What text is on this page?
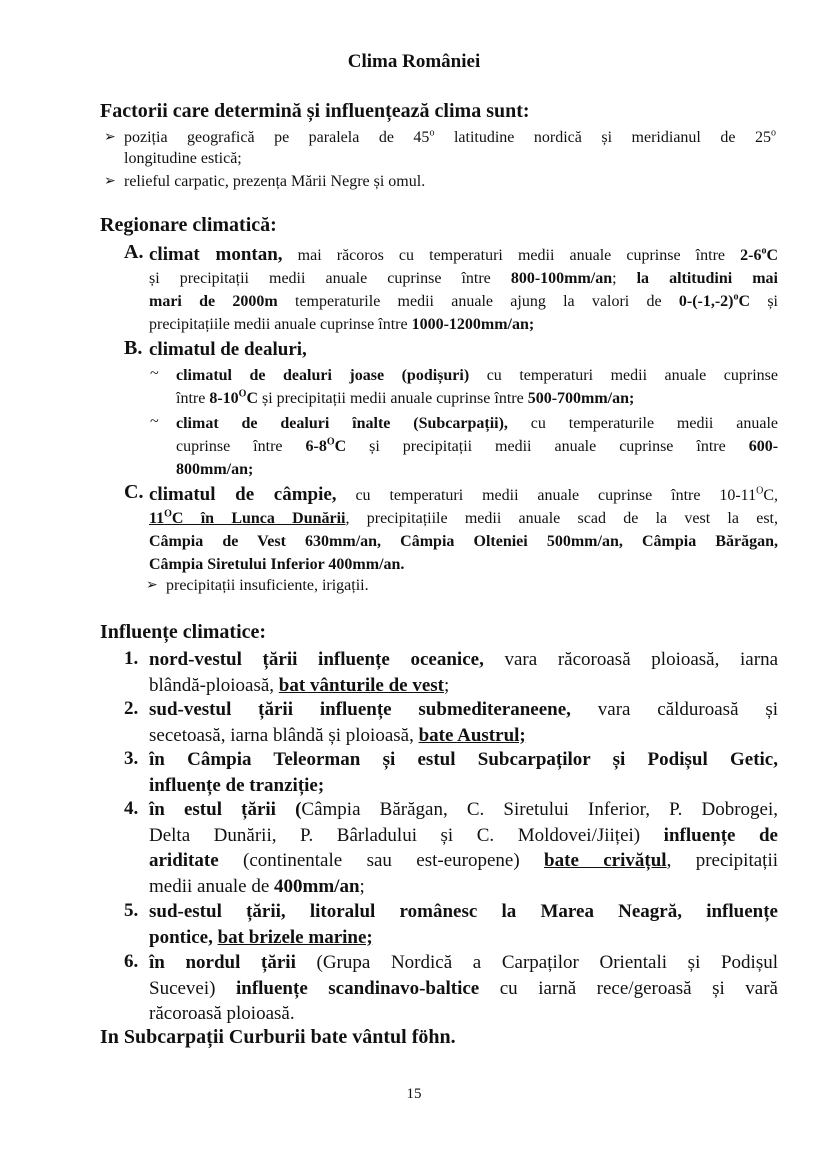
Clima României
Factorii care determină și influențează clima sunt:
➢ poziția geografică pe paralela de 45$^o$ latitudine nordică și meridianul de 25$^o$
longitudine estică;
➢ relieful carpatic, prezența Mării Negre și omul.
Regionare climatică:
A. climat montan, mai răcoros cu temperaturi medii anuale cuprinse între 2-6$^o$C
și precipitații medii anuale cuprinse între 800-100mm/an; la altitudini mai
mari de 2000m temperaturile medii anuale ajung la valori de $0-(-1,-2)^oC$ și
precipitațiile medii anuale cuprinse între 1000-1200mm/an;
B. climatul de dealuri,
~ climatul de dealuri joase (podișuri) cu temperaturi medii anuale cuprinse
între $8-10^OC$ și precipitații medii anuale cuprinse între 500-700mm/an;
~ climat de dealuri înalte (Subcarpații), cu temperaturile medii anuale
cuprinse între $6-8^OC$ și precipitații medii anuale cuprinse între 600-
800mm/an;
C. climatul de câmpie, cu temperaturi medii anuale cuprinse între $10-11^OC$,
$11^OC$ în Lunca Dunării, precipitațiile medii anuale scad de la vest la est,
Câmpia de Vest 630mm/an, Câmpia Olteniei 500mm/an, Câmpia Bărăgan,
Câmpia Siretului Inferior 400mm/an.
➢ precipitații insuficiente, irigații.
Influențe climatice:
1. nord-vestul țării influențe oceanice, vara răcoroasă ploioasă, iarna
blândă-ploioasă, bat vânturile de vest;
2. sud-vestul țării influențe submediteraneene, vara călduroasă și
secetoasă, iarna blândă și ploioasă, bate Austrul;
3. în Câmpia Teleorman și estul Subcarpaților și Podișul Getic,
influențe de tranziție;
4. în estul țării (Câmpia Bărăgan, C. Siretului Inferior, P. Dobrogei,
Delta Dunării, P. Bârladului și C. Moldovei/Jiiței) influențe de
ariditate (continentale sau est-europene) bate crivățul, precipitații
medii anuale de 400mm/an;
5. sud-estul țării, litoralul românesc la Marea Neagră, influențe
pontice, bat brizele marine;
6. în nordul țării (Grupa Nordică a Carpaților Orientali și Podișul
Sucevei) influențe scandinavo-baltice cu iarnă rece/geroasă și vară
răcoroasă ploioasă.
In Subcarpații Curburii bate vântul föhn.
15
